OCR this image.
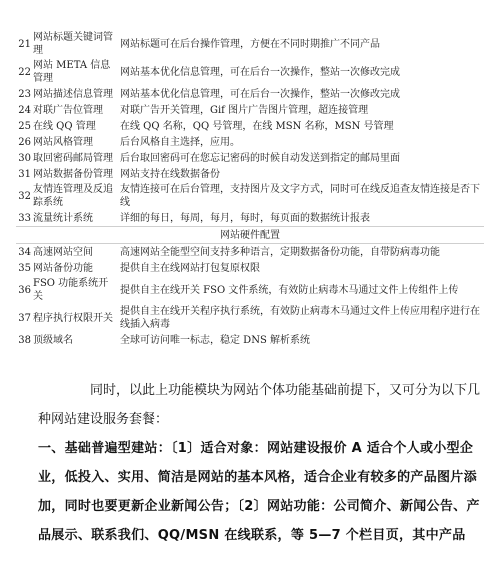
21	网站标题关键词管理	网站标题可在后台操作管理，方便在不同时期推广不同产品
22	网站 META 信息管理	网站基本优化信息管理，可在后台一次操作，整站一次修改完成
23	网站描述信息管理	网站基本优化信息管理，可在后台一次操作，整站一次修改完成
24	对联广告位管理	对联广告开关管理，Gif 图片广告图片管理，超连接管理
25	在线 QQ 管理	在线 QQ 名称，QQ 号管理，在线 MSN 名称，MSN 号管理
26	网站风格管理	后台风格自主选择，应用。
30	取回密码邮局管理	后台取回密码可在您忘记密码的时候自动发送到指定的邮局里面
31	网站数据备份管理	网站支持在线数据备份
32	友情连管理及反追踪系统	友情连接可在后台管理，支持图片及文字方式，同时可在线反追查友情连接是否下线
33	流量统计系统	详细的每日，每周，每月，每时，每页面的数据统计报表
网站硬件配置		
34	高速网站空间	高速网站全能型空间支持多种语言，定期数据备份功能，自带防病毒功能
35	网站备份功能	提供自主在线网站打包复原权限
36	FSO 功能系统开关	提供自主在线开关 FSO 文件系统，有效防止病毒木马通过文件上传组件上传
37	程序执行权限开关	提供自主在线开关程序执行系统，有效防止病毒木马通过文件上传应用程序进行在线插入病毒
38	顶级域名	全球可访问唯一标志，稳定 DNS 解析系统
同时，以此上功能模块为网站个体功能基础前提下，又可分为以下几种网站建设服务套餐：
一、基础普遍型建站：〔1〕适合对象：网站建设报价 A 适合个人或小型企业，低投入、实用、简洁是网站的基本风格，适合企业有较多的产品图片添加，同时也要更新企业新闻公告；〔2〕网站功能：公司简介、新闻公告、产品展示、联系我们、QQ/MSN 在线联系，等 5—7 个栏目页，其中产品
